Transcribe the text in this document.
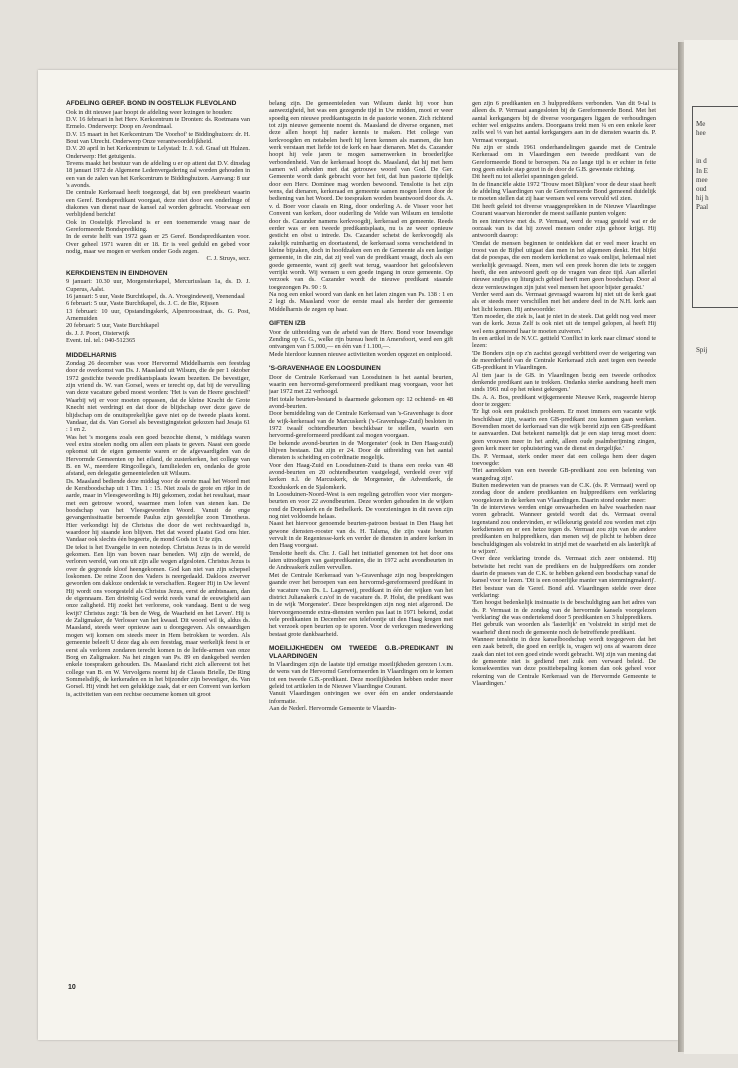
AFDELING GEREF. BOND IN OOSTELIJK FLEVOLAND

Ook in dit nieuwe jaar hoopt de afdeling weer lezingen te houden:

D.V. 16 februari in het Herv. Kerkcentrum te Dronten: ds. Roetmans van Ermelo. Onderwerp: Doop en Avondmaal.

D.V. 15 maart in het Kerkcentrum 'De Voorhof' te Biddinghuizen: dr. H. Bout van Utrecht. Onderwerp Onze verantwoordelijkheid.

D.V. 20 april in het Kerkcentrum te Lelystad: Ir. J. v.d. Graaf uit Hulzen. Onderwerp: Het getuigenis.

Tevens maakt het bestuur van de afdeling u er op attent dat D.V. dinsdag 18 januari 1972 de Algemene Ledenvergadering zal worden gehouden in een van de zalen van het Kerkcentrum te Biddinghuizen. Aanvang: 8 uur 's avonds.

De centrale Kerkeraad heeft toegezegd, dat bij een preekbeurt waarin een Geref. Bondspredikant voorgaat, deze niet door een onderlinge of diakones van dienst naar de kansel zal worden gebracht. Voorwaar een verblijdend bericht!

Ook in Oostelijk Flevoland is er een toenemende vraag naar de Gereformeerde Bondsprediking.

In de eerste helft van 1972 gaan er 25 Geref. Bondspredikanten voor. Over geheel 1971 waren dit er 18. Er is veel geduld en gebed voor nodig, maar we mogen er werken onder Gods zegen.

C. J. Struys, secr.

KERKDIENSTEN IN EINDHOVEN

9 januari: 10.30 uur, Morgensterkapel, Mercuriuslaan 1a, ds. D. J. Cuperus, Aalst.

16 januari: 5 uur, Vaste Burchtkapel, ds. A. Vroegindeweij, Veenendaal

6 februari: 5 uur, Vaste Burchtkapel, ds. J. C. de Bie, Rijssen

13 februari: 10 uur, Opstandingskerk, Alpenroosstraat, ds. G. Post, Arnemuiden

20 februari: 5 uur, Vaste Burchtkapel

ds. J. J. Poort, Oisterwijk

Event. inl. tel.: 040-512365

MIDDELHARNIS

Zondag 26 december was voor Hervormd Middelharnis een feestdag door de overkomst van Ds. J. Maasland uit Wilsum, die de per 1 oktober 1972 gestichte tweede predikantsplaats kwam bezetten. De bevestiger, zijn vriend ds. W. van Gorsel, wees er terecht op, dat bij de vervulling van deze vacature gebed moest worden: 'Het is van de Heere geschied!' Waarbij wij er voor moeten oppassen, dat de kleine Kracht de Grote Knecht niet verdringt en dat door de blijdschap over deze gave de blijdschap om de onuitsprekelijke gave niet op de tweede plaats komt. Vandaar, dat ds. Van Gorsel als bevestigingstekst gekozen had Jesaja 61 : 1 en 2.

Was het 's morgens zoals een goed bezochte dienst, 's middags waren veel extra stoelen nodig om allen een plaats te geven. Naast een goede opkomst uit de eigen gemeente waren er de afgevaardigden van de Hervormde Gemeenten op het eiland, de zusterkerken, het college van B. en W., meerdere Ringcollega's, familieleden en, ondanks de grote afstand, een delegatie gemeenteleden uit Wilsum.

Ds. Maasland bediende deze middag voor de eerste maal het Woord met de Kerstboodschap uit 1 Tim. 1 : 15. Niet zoals de grote en rijke in de aarde, maar in Vleesgewording is Hij gekomen, zodat het resultaat, maar met een getrouw woord, waarmee men lofen van stenen kan. De boodschap van het Vleesgeworden Woord. Vanuit de enge gevangenissituatie beroemde Paulus zijn geestelijke zoon Timotheus. Hier verkondigt hij de Christus die door de wet rechtvaardigd is, waardoor hij staande kon blijven. Het dat woord plaatst God ons hier. Vandaar ook slechts één begeerte, de mond Gods tot U te zijn.

De tekst is het Evangelie in een notedop. Christus Jezus is in de wereld gekomen. Een lijn van boven naar beneden. Wij zijn de wereld, de verloren wereld, van ons uit zijn alle wegen afgesloten. Christus Jezus is over de gegronde kloof heengekomen. God kan niet van zijn schepsel loskomen. De reine Zoon des Vaders is neergedaald. Dakloos zwerver geworden om dakloze onderdak te verschaffen. Regeer Hij in Uw leven! Hij wordt ons voorgesteld als Christus Jezus, eerst de ambtsnaam, dan de eigennaam. Een drieënig God werkt reeds vanaf de eeuwigheid aan onze zaligheid. Hij zoekt het verlorene, ook vandaag. Bent u de weg kwijt? Christus zegt: 'Ik ben de Weg, de Waarheid en het Leven'. Hij is de Zaligmaker, de Verlosser van het kwaad. Dit woord wil ik, aldus ds. Maasland, steeds weer opnieuw aan u doorgegeven. Als onwaardigen mogen wij komen om steeds meer in Hem betrokken te worden. Als gemeente beleeft U deze dag als een feestdag, maar werkelijk feest is er eerst als verloren zondaren terecht komen in de liefde-armen van onze Borg en Zaligmaker. Na het zingen van Ps. 89 en dankgebed werden enkele toespraken gehouden. Ds. Maasland richt zich allereerst tot het college van B. en W. Vervolgens noemt hij de Classis Brielle, De Ring Sommelsdijk, de kerkeraden en in het bijzonder zijn bevestiger, ds. Van Gorsel. Hij vindt het een gelukkige zaak, dat er een Convent van kerken is, activiteiten van een rechtse oecumene komen uit groot

belang zijn. De gemeenteleden van Wilsum dankt hij voor hun aanwezigheid, het was een gezegende tijd in Uw midden, mooi er weer spoedig een nieuwe predikantsgezin in de pastorie wonen. Zich richtend tot zijn nieuwe gemeente noemt ds. Maasland de diverse organen, met deze allen hoopt hij nader kennis te maken. Het college van kerkvoogden en notabelen heeft hij leren kennen als mannen, die hun werk verstaan met liefde tot de kerk en haar dienaren. Met ds. Cazander hoopt hij vele jaren te mogen samenwerken in broederlijke verbondenheid. Van de kerkeraad hoopt ds. Maasland, dat hij met hem samen wil arbeiden met dat getrouwe woord van God. De Ger. Gemeente wordt dank gebracht voor het feit, dat hun pastorie tijdelijk door een Herv. Dominee mag worden bewoond. Tenslotte is het zijn wens, dat dienaren, kerkeraad en gemeente samen mogen leren door de bediening van het Woord. De toespraken worden beantwoord door ds. A. v. d. Boer voor classis en Ring, door onderling A. de Visser voor het Convent van kerken, door ouderling de Velde van Wilsum en tenslotte door ds. Cazander namens kerkvoogdij, kerkeraad en gemeente. Reeds eerder was er een tweede predikantsplaats, nu is ze weer opnieuw gesticht en obst u intrede. Ds. Cazander schetst de kerkvoogdij als zakelijk ruimhartig en doortastend, de kerkeraad soms verscheidend in kleine bijzaken, doch in hoofdzaken een en de Gemeente als een lastige gemeente, in die zin, dat zij veel van de predikant vraagt, doch als een goede gemeente, want zij geeft wat terug, waardoor het geloofsleven verrijkt wordt. Wij wensen u een goede ingang in onze gemeente. Op verzoek van ds. Cazander wordt de nieuwe predikant staande toegezongen Ps. 90 : 9.

Na nog een enkel woord van dank en het laten zingen van Ps. 138 : 1 en 2 legt ds. Maasland voor de eerste maal als herder der gemeente Middelharnis de zegen op haar.

GIFTEN IZB

Voor de uitbreiding van de arbeid van de Herv. Bond voor Inwendige Zending op G. G., welke rijn bureau heeft in Amersfoort, werd een gift ontvangen van f 5.000,— en één van f 1.100,—.

Mede hierdoor kunnen nieuwe activiteiten worden opgezet en ontplooid.

'S-GRAVENHAGE EN LOOSDUINEN

Door de Centrale Kerkeraad van Loosduinen is het aantal beurten, waarin een hervormd-gereformeerd predikant mag voorgaan, voor het jaar 1972 met 22 verhoogd.

Het totale beurten-bestand is daarmede gekomen op: 12 ochtend- en 48 avond-beurten.

Door bemiddeling van de Centrale Kerkeraad van 's-Gravenhage is door de wijk-kerkeraad van de Marcuskerk ('s-Gravenhage-Zuid) besloten in 1972 twaalf ochtendbeurten beschikbaar te stellen, waarin een hervormd-gereformeerd predikant zal mogen voorgaan.

De bekende avond-beurten in de 'Morgenster' (ook in Den Haag-zuid) blijven bestaan. Dat zijn er 24. Door de uitbreiding van het aantal diensten is scheiding en coördinatie mogelijk.

Voor den Haag-Zuid en Loosduinen-Zuid is thans een reeks van 48 avond-beurten en 20 ochtendbeurten vastgelegd, verdeeld over vijf kerken n.l. de Marcuskerk, de Morgenster, de Adventkerk, de Exoduskerk en de Sjalomkerk.

In Loosduinen-Noord-West is een regeling getroffen voor vier morgen-beurten en voor 22 avondbeurten. Deze worden gehouden in de wijken rond de Dorpskerk en de Bethelkerk. De voorzieningen in dit raven zijn nog niet voldoende helaas.

Naast het hiervoor genoemde beurten-patroon bestaat in Den Haag het gewone diensten-rooster van ds. H. Talsma, die zijn vaste beurten vervult in de Regentesse-kerk en verder de diensten in andere kerken in den Haag voorgaat.

Tenslotte heeft ds. Chr. J. Gall het initiatief genomen tot het door ons laten uitnodigen van gastpredikanten, die in 1972 acht avondbeurten in de Andreaskerk zullen vervullen.

Met de Centrale Kerkeraad van 's-Gravenhage zijn nog besprekingen gaande over het beroepen van een hervormd-gereformeerd predikant in de vacature van Ds. L. Lagerweij, predikant in één der wijken van het district Julianakerk c.n/of in de vacature ds. P. Holst, die predikant was in de wijk 'Morgenster'. Deze besprekingen zijn nog niet afgerond. De hiervoorgenoemde extra-diensten werden pas laat in 1971 bekend, zodat vele predikanten in December een telefoontje uit den Haag kregen met het verzoek open beurten op te sporen. Voor de verkregen medewerking bestaat grote dankbaarheid.

MOEILIJKHEDEN OM TWEEDE G.B.-PREDIKANT IN VLAARDINGEN

In Vlaardingen zijn de laatste tijd ernstige moeilijkheden gerezen i.v.m. de wens van de Hervormd Gereformeerden in Vlaardingen om te komen tot een tweede G.B.-predikant. Deze moeilijkheden hebben onder meer geleid tot artikelen in de Nieuwe Vlaardingse Courant.

Vanuit Vlaardingen ontvingen we over één en ander onderstaande informatie.

Aan de Nederl. Hervormde Gemeente te Vlaardin-

gen zijn 6 predikanten en 3 hulppredikers verbonden. Van dit 9-tal is alleen ds. P. Vermaat aangesloten bij de Gereformeerde Bond. Met het aantal kerkgangers bij de diverse voorgangers liggen de verhoudingen echter wel enigszins anders. Doorgaans trekt men ¼ en een enkele keer zelfs wel ⅓ van het aantal kerkgangers aan in de diensten waarin ds. P. Vermaat voorgaat.

Nu zijn er sinds 1961 onderhandelingen gaande met de Centrale Kerkeraad om in Vlaardingen een tweede predikant van de Gereformeerde Bond te beroepen. Na zo lange tijd is er echter in feite nog geen enkele stap gezet in de door de G.B. gewenste richting.

Dit heeft nu tot allerlei spanningen geleid.

In de financiële aktie 1972 'Trouw moet Blijken' voor de deur staat heeft de afdeling Vlaardingen van de Gereformeerde Bond gemeend duidelijk te moeten stellen dat zij haar wensen wel eens vervuld wil zien.

Dit heeft geleid tot diverse vraaggesprekken in de Nieuwe Vlaardingse Courant waarvan hieronder de meest saillante punten volgen:

In een interview met ds. P. Vermaat, werd de vraag gesteld wat er de oorzaak van is dat hij zoveel mensen onder zijn gehoor krijgt. Hij antwoordt daarop:

'Omdat de mensen beginnen te ontdekken dat er veel meer kracht en troost van de Bijbel uitgaat dan men in het algemeen denkt. Het blijkt dat de poespas, die een modern kerkdienst zo vaak omlijst, helemaal niet werkelijk gevraagd. Neen, men wil een preek horen die iets te zeggen heeft, die een antwoord geeft op de vragen van deze tijd. Aan allerlei nieuwe snufjes op liturgisch gebied heeft men geen boodschap. Door al deze vernieuwingen zijn juist veel mensen het spoor bijster geraakt.'

Verder werd aan ds. Vermaat gevraagd waarom hij niet uit de kerk gaat als er steeds meer verschillen met het andere deel in de N.H. kerk aan het licht komen. Hij antwoordde:

'Een moeder, die ziek is, laat je niet in de steek. Dat geldt nog veel meer van de kerk. Jezus Zelf is ook niet uit de tempel gelopen, al heeft Hij wel eens gemeend haar te moeten zuiveren.'

In een artikel in de N.V.C. getiteld 'Conflict in kerk naar climax' stond te lezen:

'De Bonders zijn op z'n zachtst gezegd verbitterd over de weigering van de meerderheid van de Centrale Kerkeraad zich azet tegen een tweede GB-predikant in Vlaardingen.

Al tien jaar is de GB. in Vlaardingen bezig een tweede orthodox denkende predikant aan te trekken. Ondanks sterke aandrang heeft men sinds 1961 nul op het rekest gekregen.'

Ds. A. A. Bos, predikant wijkgemeente Nieuwe Kerk, reageerde hierop door te zeggen:

'Er ligt ook een praktisch probleem. Er moet immers een vacante wijk beschikbaar zijn, waarin een GB-predikant zou kunnen gaan werken. Bovendien moet de kerkeraad van die wijk bereid zijn een GB-predikant te aanvaarden. Dat betekent namelijk dat je een stap terug moet doen: geen vrouwen meer in het ambt, alleen oude psalmberijming zingen, geen kerk meer ter ophuistering van de dienst en dergelijke.'

Ds. P. Vermaat, sterk onder meer dat een collega hem deer dagen toevoegde:

'Het aanrekken van een tweede GB-predikant zou een belening van wangedrag zijn'.

Buiten medeweten van de praeses van de C.K. (ds. P. Vermaat) werd op zondag door de andere predikanten en hulppredikers een verklaring voorgelezen in de kerken van Vlaardingen. Daarin stond onder meer:

'In de interviews werden enige onwaarheden en halve waarheden naar voren gebracht. Wanneer gesteld wordt dat ds. Vermaat overal tegenstand zou ondervinden, er willekeurig gesteld zou worden met zijn kerkdiensten en er een hetze tegen ds. Vermaat zou zijn van de andere predikanten en hulppredikers, dan menen wij de plicht te hebben deze beschuldigingen als volstrekt in strijd met de waarheid en als lasterlijk af te wijzen'.

Over deze verklaring tronde ds. Vermaat zich zeer ontstemd. Hij betwistte het recht van de predikers en de hulppredikers om zonder daarin de praeses van de C.K. te hebben gekend een boodschap vanaf de kansel voor te lezen. 'Dit is een onoerlijke manier van stemmingmakerij'.

Het bestuur van de 'Geref. Bond afd. Vlaardingen stelde over deze verklaring:

'Een hoogst bedenkelijk insinuatie is de beschuldiging aan het adres van ds. P. Vermaat in de zondag van de hervormde kansels voorgelezen 'verklaring' die was ondertekend door 5 predikanten en 3 hulppredikers.

Het gebruik van woorden als 'lasterlijk' en 'volstrekt in strijd met de waarheid' dient noch de gemeente noch de betreffende predikant.

Wanneer tenslotte in deze kanselboodschap wordt toegegeven dat het een zaak betreft, die goed en eerlijk is, vragen wij ons af waarom deze zaak dan niet tot een goed einde wordt gebracht. Wij zijn van mening dat de gemeente niet is gediend met zulk een verward beleid. De konsekwenties van deze positiebepaling komen dan ook geheel voor rekening van de Centrale Kerkeraad van de Hervormde Gemeente te Vlaardingen.'

10
Me
hee
in d
In E
mee
oud
hij h
Paal
Spij
